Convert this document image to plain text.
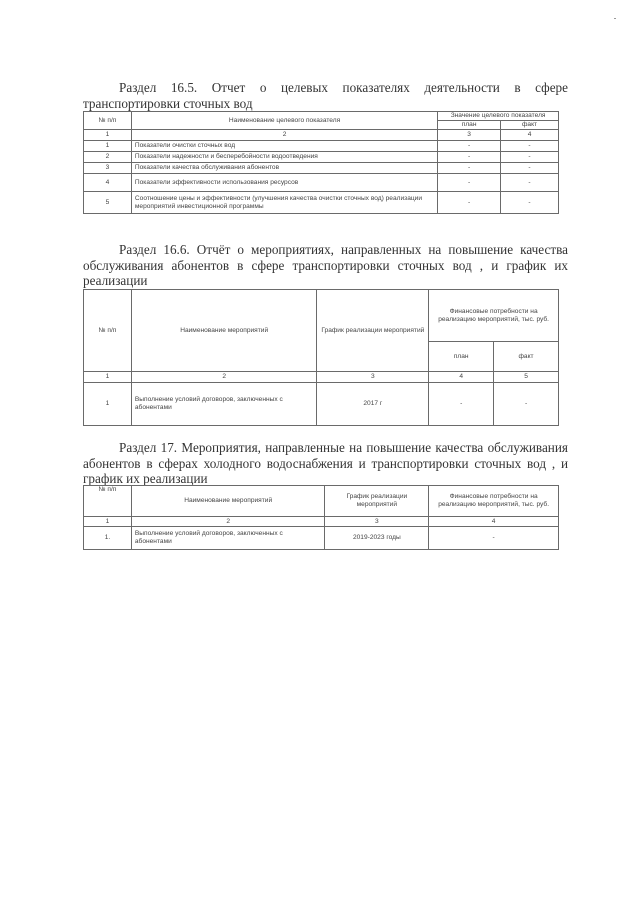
Раздел 16.5. Отчет о целевых показателях деятельности в сфере транспортировки сточных вод
№ п/п	Наименование целевого показателя	Значение целевого показателя	
		план	факт
1	2	3	4
1	Показатели очистки сточных вод	-	-
2	Показатели надежности и бесперебойности водоотведения	-	-
3	Показатели качества обслуживания абонентов	-	-
4	Показатели эффективности использования ресурсов	-	-
5	Соотношение цены и эффективности (улучшения качества очистки сточных вод) реализации мероприятий инвестиционной программы	-	-
Раздел 16.6. Отчёт о мероприятиях, направленных на повышение качества обслуживания абонентов в сфере транспортировки сточных вод , и график их реализации
№ п/п	Наименование мероприятий	График реализации мероприятий	Финансовые потребности на реализацию мероприятий, тыс. руб.	
			план	факт
1	2	3	4	5
1	Выполнение условий договоров, заключенных с абонентами	2017 г	-	-
Раздел 17. Мероприятия, направленные на повышение качества обслуживания абонентов в сферах холодного водоснабжения и транспортировки сточных вод , и график их реализации
№ п/п	Наименование мероприятий	График реализации мероприятий	Финансовые потребности на реализацию мероприятий, тыс. руб.
1	2	3	4
1.	Выполнение условий договоров, заключенных с абонентами	2019-2023 годы	-
